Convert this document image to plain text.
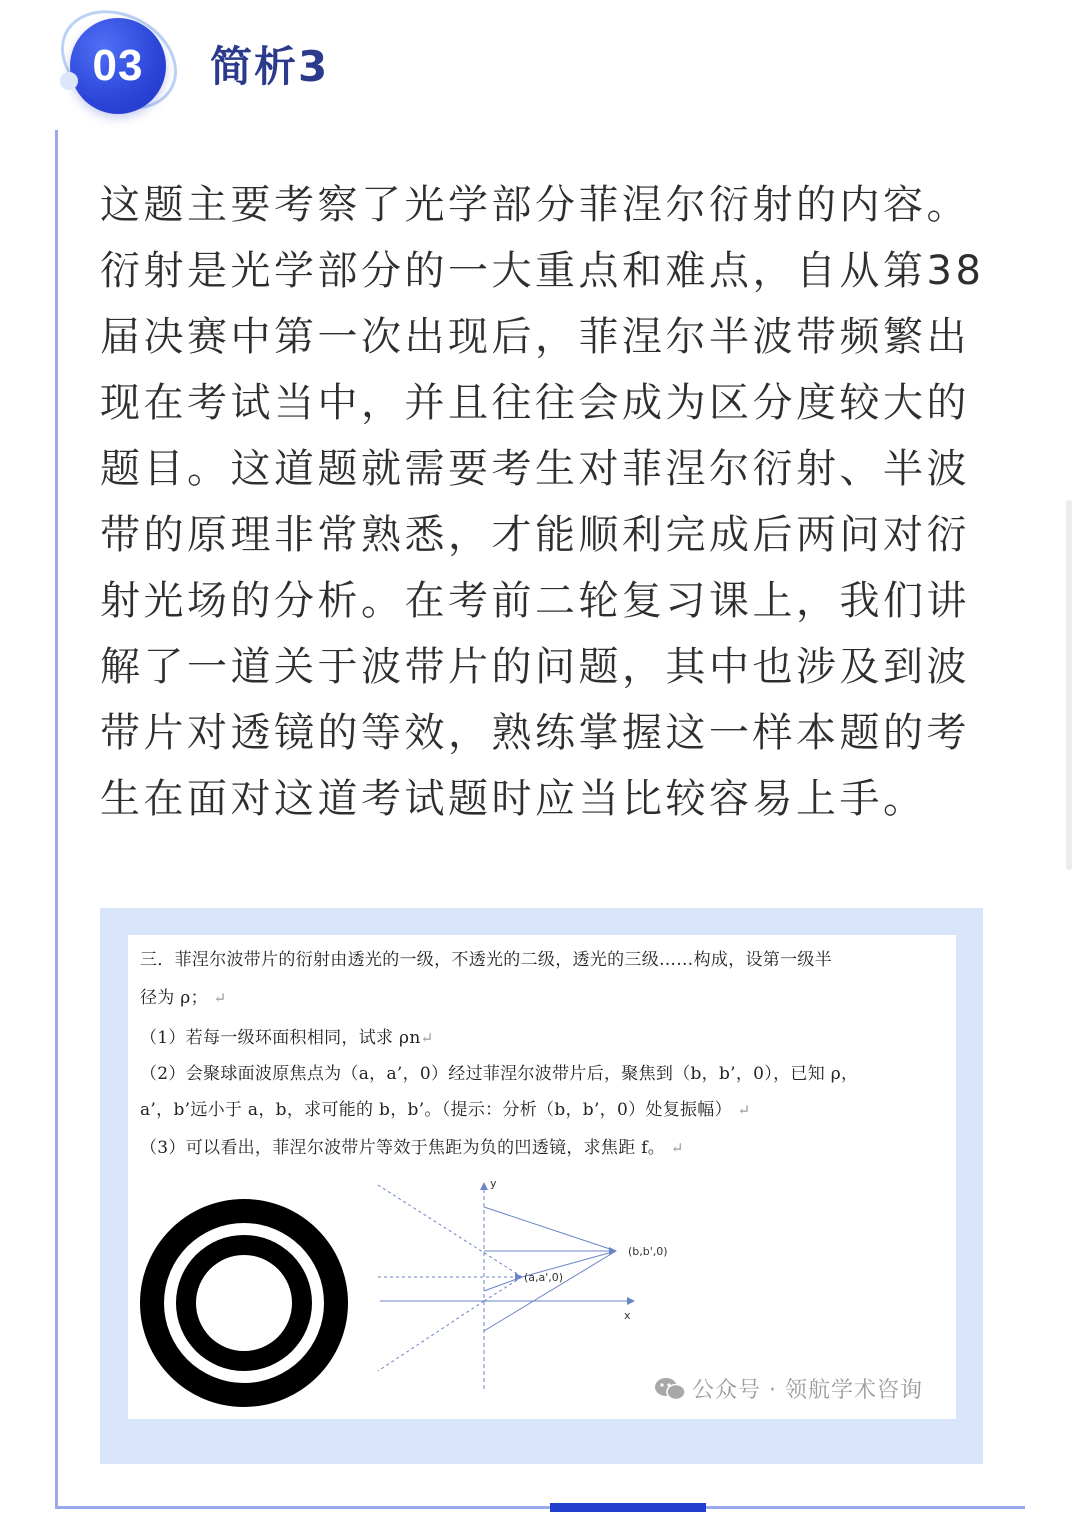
03	简析3
这题主要考察了光学部分菲涅尔衍射的内容。
衍射是光学部分的一大重点和难点，自从第38
届决赛中第一次出现后，菲涅尔半波带频繁出
现在考试当中，并且往往会成为区分度较大的
题目。这道题就需要考生对菲涅尔衍射、半波
带的原理非常熟悉，才能顺利完成后两问对衍
射光场的分析。在考前二轮复习课上，我们讲
解了一道关于波带片的问题，其中也涉及到波
带片对透镜的等效，熟练掌握这一样本题的考
生在面对这道考试题时应当比较容易上手。
三．菲涅尔波带片的衍射由透光的一级，不透光的二级，透光的三级……构成，设第一级半
径为 ρ； ↵
（1）若每一级环面积相同，试求 ρn↵
（2）会聚球面波原焦点为（a，a’，0）经过菲涅尔波带片后，聚焦到（b，b’，0），已知 ρ，
a’，b’远小于 a，b，求可能的 b，b’。（提示：分析（b，b’，0）处复振幅） ↵
（3）可以看出，菲涅尔波带片等效于焦距为负的凹透镜，求焦距 f。 ↵
y
x
(b,b',0)
(a,a',0)
公众号 · 领航学术咨询
